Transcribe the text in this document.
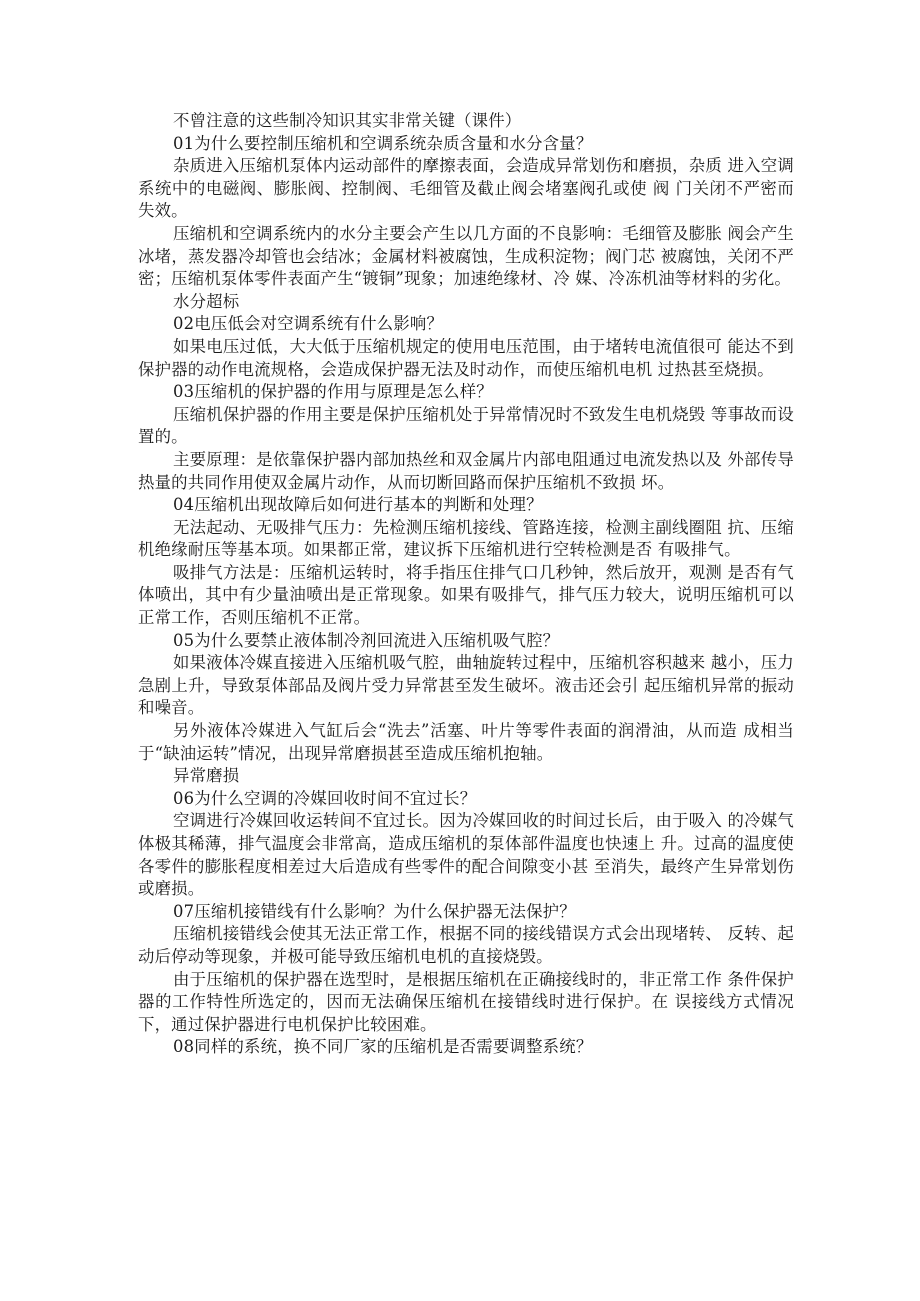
不曾注意的这些制冷知识其实非常关键（课件）

01为什么要控制压缩机和空调系统杂质含量和水分含量？

杂质进入压缩机泵体内运动部件的摩擦表面，会造成异常划伤和磨损，杂质 进入空调系统中的电磁阀、膨胀阀、控制阀、毛细管及截止阀会堵塞阀孔或使 阀 门关闭不严密而失效。

压缩机和空调系统内的水分主要会产生以几方面的不良影响：毛细管及膨胀 阀会产生冰堵，蒸发器冷却管也会结冰；金属材料被腐蚀，生成积淀物；阀门芯 被腐蚀，关闭不严密；压缩机泵体零件表面产生“镀铜”现象；加速绝缘材、冷 媒、冷冻机油等材料的劣化。

水分超标

02电压低会对空调系统有什么影响？

如果电压过低，大大低于压缩机规定的使用电压范围，由于堵转电流值很可 能达不到保护器的动作电流规格，会造成保护器无法及时动作，而使压缩机电机 过热甚至烧损。

03压缩机的保护器的作用与原理是怎么样？

压缩机保护器的作用主要是保护压缩机处于异常情况时不致发生电机烧毁 等事故而设置的。

主要原理：是依靠保护器内部加热丝和双金属片内部电阻通过电流发热以及 外部传导热量的共同作用使双金属片动作，从而切断回路而保护压缩机不致损 坏。

04压缩机出现故障后如何进行基本的判断和处理？

无法起动、无吸排气压力：先检测压缩机接线、管路连接，检测主副线圈阻 抗、压缩机绝缘耐压等基本项。如果都正常，建议拆下压缩机进行空转检测是否 有吸排气。

吸排气方法是：压缩机运转时，将手指压住排气口几秒钟，然后放开，观测 是否有气体喷出，其中有少量油喷出是正常现象。如果有吸排气，排气压力较大，说明压缩机可以正常工作，否则压缩机不正常。

05为什么要禁止液体制冷剂回流进入压缩机吸气腔？

如果液体冷媒直接进入压缩机吸气腔，曲轴旋转过程中，压缩机容积越来 越小，压力急剧上升，导致泵体部品及阀片受力异常甚至发生破坏。液击还会引 起压缩机异常的振动和噪音。

另外液体冷媒进入气缸后会“洗去”活塞、叶片等零件表面的润滑油，从而造 成相当于“缺油运转”情况，出现异常磨损甚至造成压缩机抱轴。

异常磨损

06为什么空调的冷媒回收时间不宜过长？

空调进行冷媒回收运转间不宜过长。因为冷媒回收的时间过长后，由于吸入 的冷媒气体极其稀薄，排气温度会非常高，造成压缩机的泵体部件温度也快速上 升。过高的温度使各零件的膨胀程度相差过大后造成有些零件的配合间隙变小甚 至消失，最终产生异常划伤或磨损。

07压缩机接错线有什么影响？为什么保护器无法保护？

压缩机接错线会使其无法正常工作，根据不同的接线错误方式会出现堵转、 反转、起动后停动等现象，并极可能导致压缩机电机的直接烧毁。

由于压缩机的保护器在选型时，是根据压缩机在正确接线时的，非正常工作 条件保护器的工作特性所选定的，因而无法确保压缩机在接错线时进行保护。在 误接线方式情况下，通过保护器进行电机保护比较困难。

08同样的系统，换不同厂家的压缩机是否需要调整系统？
